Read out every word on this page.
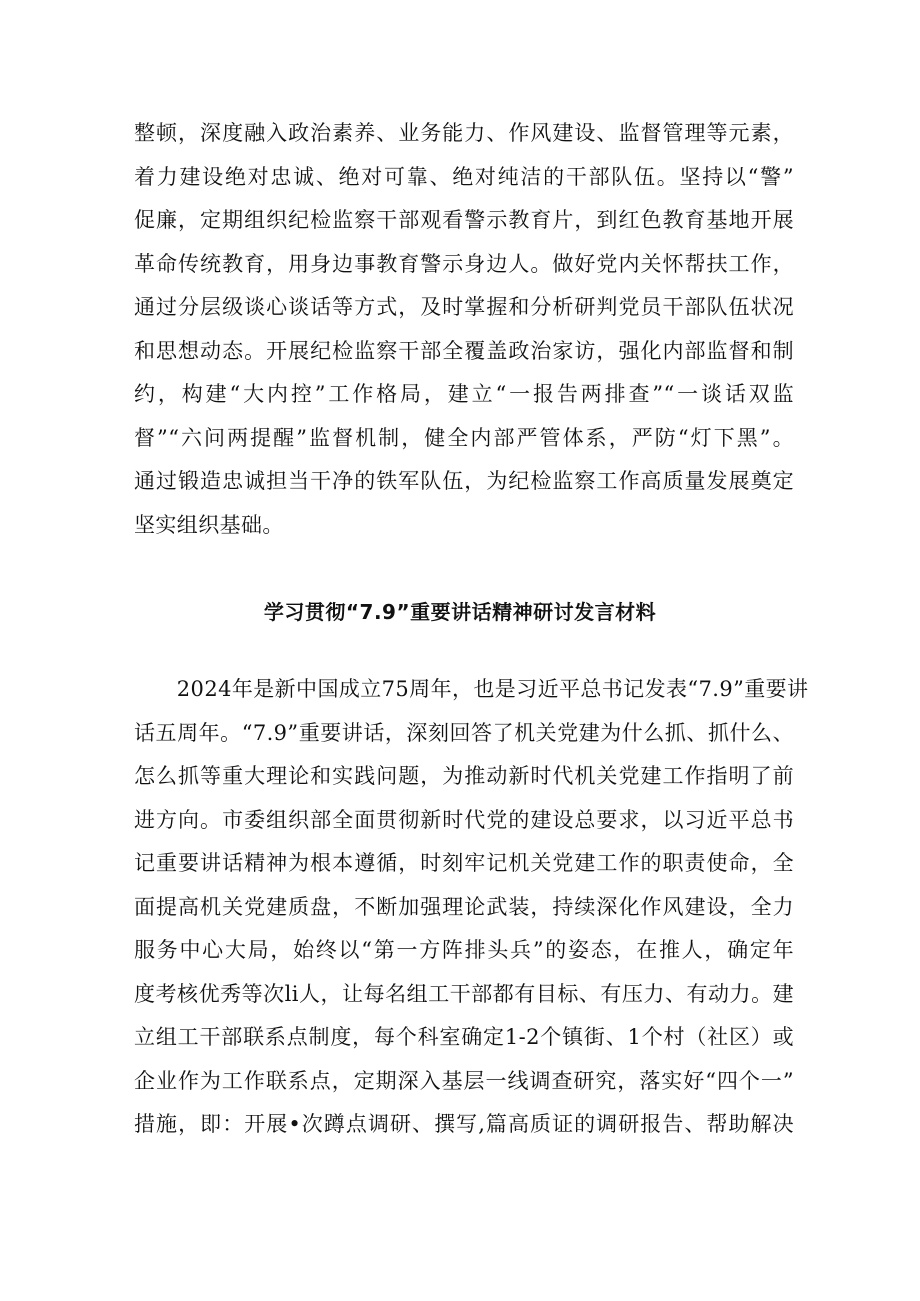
整顿，深度融入政治素养、业务能力、作风建设、监督管理等元素，
着力建设绝对忠诚、绝对可靠、绝对纯洁的干部队伍。坚持以“警”
促廉，定期组织纪检监察干部观看警示教育片，到红色教育基地开展
革命传统教育，用身边事教育警示身边人。做好党内关怀帮扶工作，
通过分层级谈心谈话等方式，及时掌握和分析研判党员干部队伍状况
和思想动态。开展纪检监察干部全覆盖政治家访，强化内部监督和制
约，构建“大内控”工作格局，建立“一报告两排查”“一谈话双监
督”“六问两提醒”监督机制，健全内部严管体系，严防“灯下黑”。
通过锻造忠诚担当干净的铁军队伍，为纪检监察工作高质量发展奠定
坚实组织基础。
学习贯彻“7.9”重要讲话精神研讨发言材料
　　2024年是新中国成立75周年，也是习近平总书记发表“7.9”重要讲
话五周年。“7.9”重要讲话，深刻回答了机关党建为什么抓、抓什么、
怎么抓等重大理论和实践问题，为推动新时代机关党建工作指明了前
进方向。市委组织部全面贯彻新时代党的建设总要求，以习近平总书
记重要讲话精神为根本遵循，时刻牢记机关党建工作的职责使命，全
面提高机关党建质盘，不断加强理论武装，持续深化作风建设，全力
服务中心大局，始终以“第一方阵排头兵”的姿态，在推人，确定年
度考核优秀等次li人，让每名组工干部都有目标、有压力、有动力。建
立组工干部联系点制度，每个科室确定1-2个镇街、1个村（社区）或
企业作为工作联系点，定期深入基层一线调查研究，落实好“四个一”
措施，即：开展•次蹲点调研、撰写,篇高质证的调研报告、帮助解决
